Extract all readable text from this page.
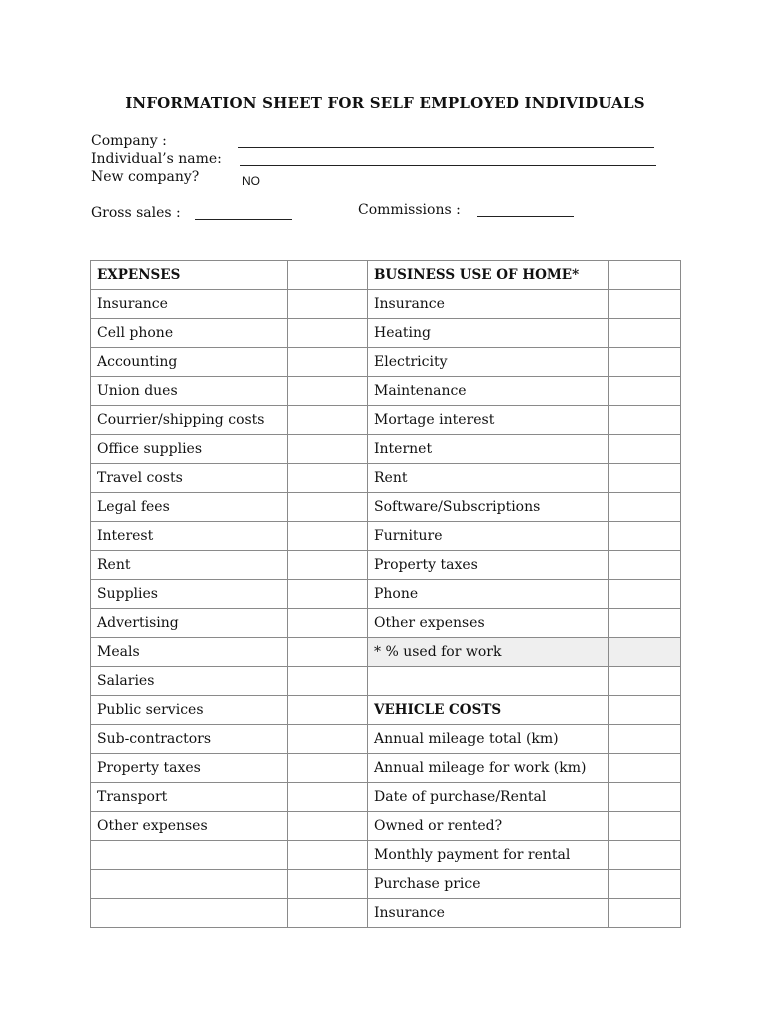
INFORMATION SHEET FOR SELF EMPLOYED INDIVIDUALS
Company :
Individual’s name:
New company?	NO
Gross sales :	Commissions :
EXPENSES		BUSINESS USE OF HOME*	
Insurance		Insurance	
Cell phone		Heating	
Accounting		Electricity	
Union dues		Maintenance	
Courrier/shipping costs		Mortage interest	
Office supplies		Internet	
Travel costs		Rent	
Legal fees		Software/Subscriptions	
Interest		Furniture	
Rent		Property taxes	
Supplies		Phone	
Advertising		Other expenses	
Meals		* % used for work	
Salaries			
Public services		VEHICLE COSTS	
Sub-contractors		Annual mileage total (km)	
Property taxes		Annual mileage for work (km)	
Transport		Date of purchase/Rental	
Other expenses		Owned or rented?	
		Monthly payment for rental	
		Purchase price	
		Insurance	
